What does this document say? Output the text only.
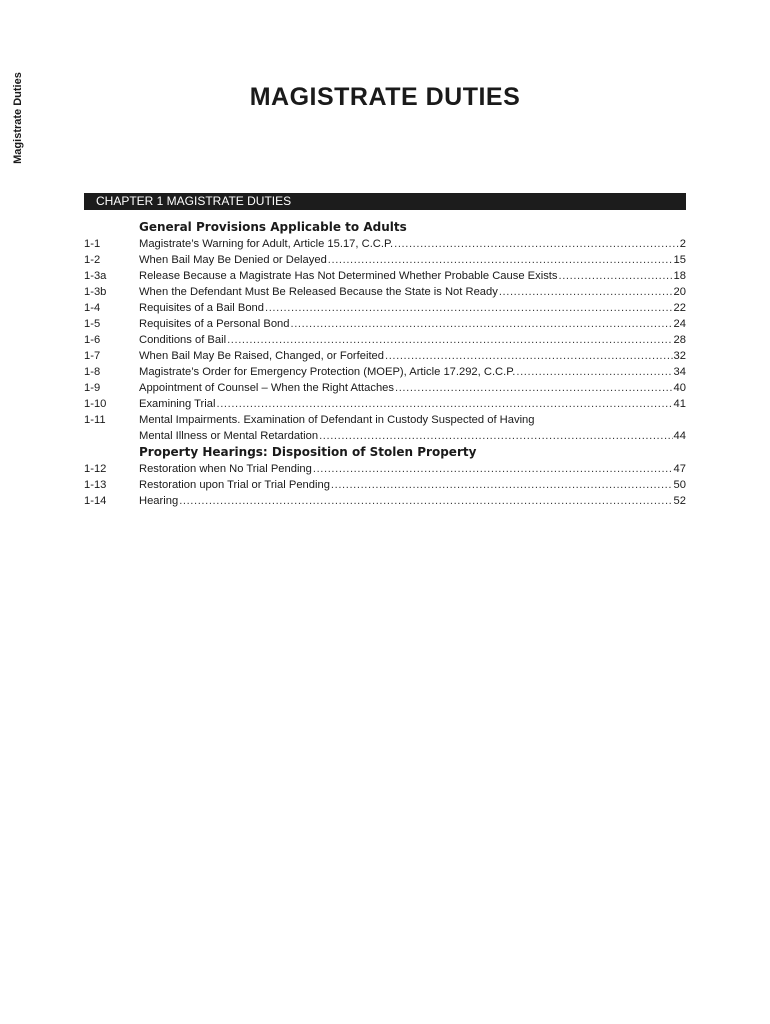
Magistrate Duties	MAGISTRATE DUTIES
CHAPTER 1 MAGISTRATE DUTIES
General Provisions Applicable to Adults
1-1	Magistrate’s Warning for Adult, Article 15.17, C.C.P. .....	2
1-2	When Bail May Be Denied or Delayed .....	15
1-3a	Release Because a Magistrate Has Not Determined Whether Probable Cause Exists .....	18
1-3b	When the Defendant Must Be Released Because the State is Not Ready .....	20
1-4	Requisites of a Bail Bond .....	22
1-5	Requisites of a Personal Bond .....	24
1-6	Conditions of Bail .....	28
1-7	When Bail May Be Raised, Changed, or Forfeited .....	32
1-8	Magistrate’s Order for Emergency Protection (MOEP), Article 17.292, C.C.P. .....	34
1-9	Appointment of Counsel – When the Right Attaches .....	40
1-10	Examining Trial .....	41
1-11	Mental Impairments. Examination of Defendant in Custody Suspected of Having
Mental Illness or Mental Retardation .....	44
Property Hearings: Disposition of Stolen Property
1-12	Restoration when No Trial Pending .....	47
1-13	Restoration upon Trial or Trial Pending .....	50
1-14	Hearing .....	52
